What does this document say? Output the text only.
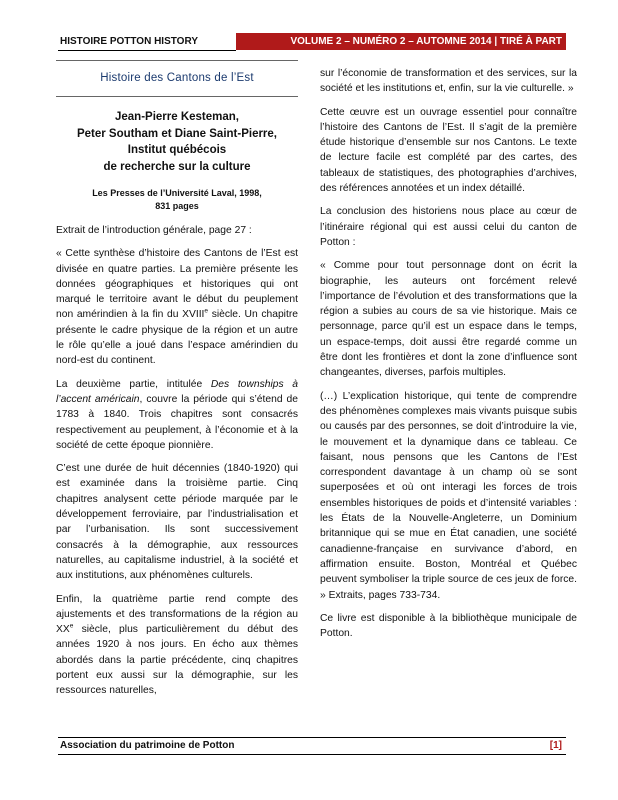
HISTOIRE POTTON HISTORY	VOLUME 2 – NUMÉRO 2 – AUTOMNE 2014 | TIRÉ À PART
Histoire des Cantons de l’Est
Jean-Pierre Kesteman,
Peter Southam et Diane Saint-Pierre,
Institut québécois
de recherche sur la culture
Les Presses de l’Université Laval, 1998,
831 pages

Extrait de l’introduction générale, page 27 :

« Cette synthèse d’histoire des Cantons de l’Est est divisée en quatre parties. La première présente les données géographiques et historiques qui ont marqué le territoire avant le début du peuplement non amérindien à la fin du XVIIIe siècle. Un chapitre présente le cadre physique de la région et un autre le rôle qu’elle a joué dans l’espace amérindien du nord-est du continent.

La deuxième partie, intitulée Des townships à l’accent américain, couvre la période qui s’étend de 1783 à 1840. Trois chapitres sont consacrés respectivement au peuplement, à l’économie et à la société de cette époque pionnière.

C’est une durée de huit décennies (1840-1920) qui est examinée dans la troisième partie. Cinq chapitres analysent cette période marquée par le développement ferroviaire, par l’industrialisation et par l’urbanisation. Ils sont successivement consacrés à la démographie, aux ressources naturelles, au capitalisme industriel, à la société et aux institutions, aux phénomènes culturels.

Enfin, la quatrième partie rend compte des ajustements et des transformations de la région au XXe siècle, plus particulièrement du début des années 1920 à nos jours. En écho aux thèmes abordés dans la partie précédente, cinq chapitres portent eux aussi sur la démographie, sur les ressources naturelles,

sur l’économie de transformation et des services, sur la société et les institutions et, enfin, sur la vie culturelle. »

Cette œuvre est un ouvrage essentiel pour connaître l’histoire des Cantons de l’Est. Il s’agit de la première étude historique d’ensemble sur nos Cantons. Le texte de lecture facile est complété par des cartes, des tableaux de statistiques, des photographies d’archives, des références annotées et un index détaillé.

La conclusion des historiens nous place au cœur de l’itinéraire régional qui est aussi celui du canton de Potton :

« Comme pour tout personnage dont on écrit la biographie, les auteurs ont forcément relevé l’importance de l’évolution et des transformations que la région a subies au cours de sa vie historique. Mais ce personnage, parce qu’il est un espace dans le temps, un espace-temps, doit aussi être regardé comme un être dont les frontières et dont la zone d’influence sont changeantes, diverses, parfois multiples.

(…) L’explication historique, qui tente de comprendre des phénomènes complexes mais vivants puisque subis ou causés par des personnes, se doit d’introduire la vie, le mouvement et la dynamique dans ce tableau. Ce faisant, nous pensons que les Cantons de l’Est correspondent davantage à un champ où se sont superposées et où ont interagi les forces de trois ensembles historiques de poids et d’intensité variables : les États de la Nouvelle-Angleterre, un Dominium britannique qui se mue en État canadien, une société canadienne-française en survivance d’abord, en affirmation ensuite. Boston, Montréal et Québec peuvent symboliser la triple source de ces jeux de force. » Extraits, pages 733-734.

Ce livre est disponible à la bibliothèque municipale de Potton.

Association du patrimoine de Potton	[1]
